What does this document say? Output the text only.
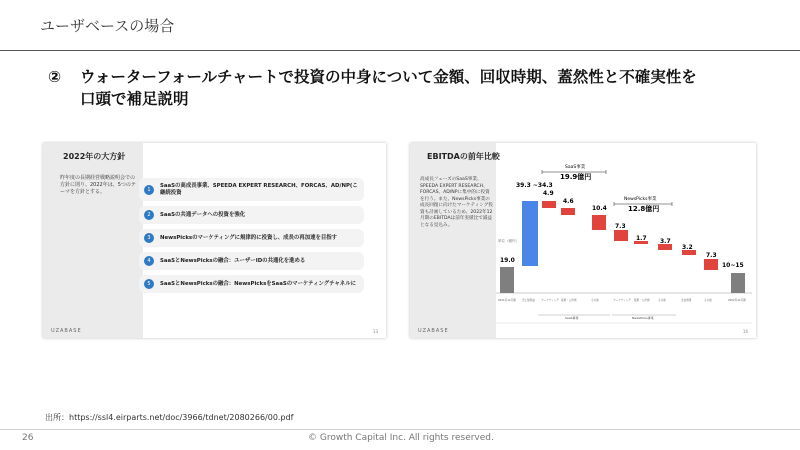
ユーザベースの場合
② ウォーターフォールチャートで投資の中身について金額、回収時期、蓋然性と不確実性を
口頭で補足説明
2022年の大方針
昨年度の長期経営戦略説明会での方針に則り、2022年は、5つのテーマを方針とする。	1
SaaSの高成長事業、SPEEDA EXPERT RESEARCH、FORCAS、AD/NP(こ 継続投資
2	SaaSの共通データへの投資を強化
3	NewsPicksのマーケティングに規律的に投資し、成長の再加速を目指す
4	SaaSとNewsPicksの融合：ユーザーIDの共通化を進める
5	SaaSとNewsPicksの融合：NewsPicksをSaaSのマーケティングチャネルに
UZABASE	13
EBITDAの前年比較
高成長フェーズのSaaS事業、SPEEDA EXPERT RESEARCH、FORCAS、AD/NPに集中的に投資を行う。また、NewsPicks事業の成長回復に向けたマーケティング投資も計画しているため、2022年12月期のEBITDAは前年実績比で減益となる見込み。
単位（億円）
19.0
39.3 ~34.3
4.9
4.6
10.4
7.3
1.7 3.7
3.2
7.3
10~15
SaaS事業
19.9億円
NewsPicks事業
12.8億円
2021年12月期 売上総利益 マーケティング 採用・人件費	その他	マーケティング 採用・人件費	その他	全社費用	その他	2022年12月期
SaaS事業	NewsPicks事業
UZABASE	16
出所：https://ssl4.eirparts.net/doc/3966/tdnet/2080266/00.pdf
26	© Growth Capital Inc. All rights reserved.
